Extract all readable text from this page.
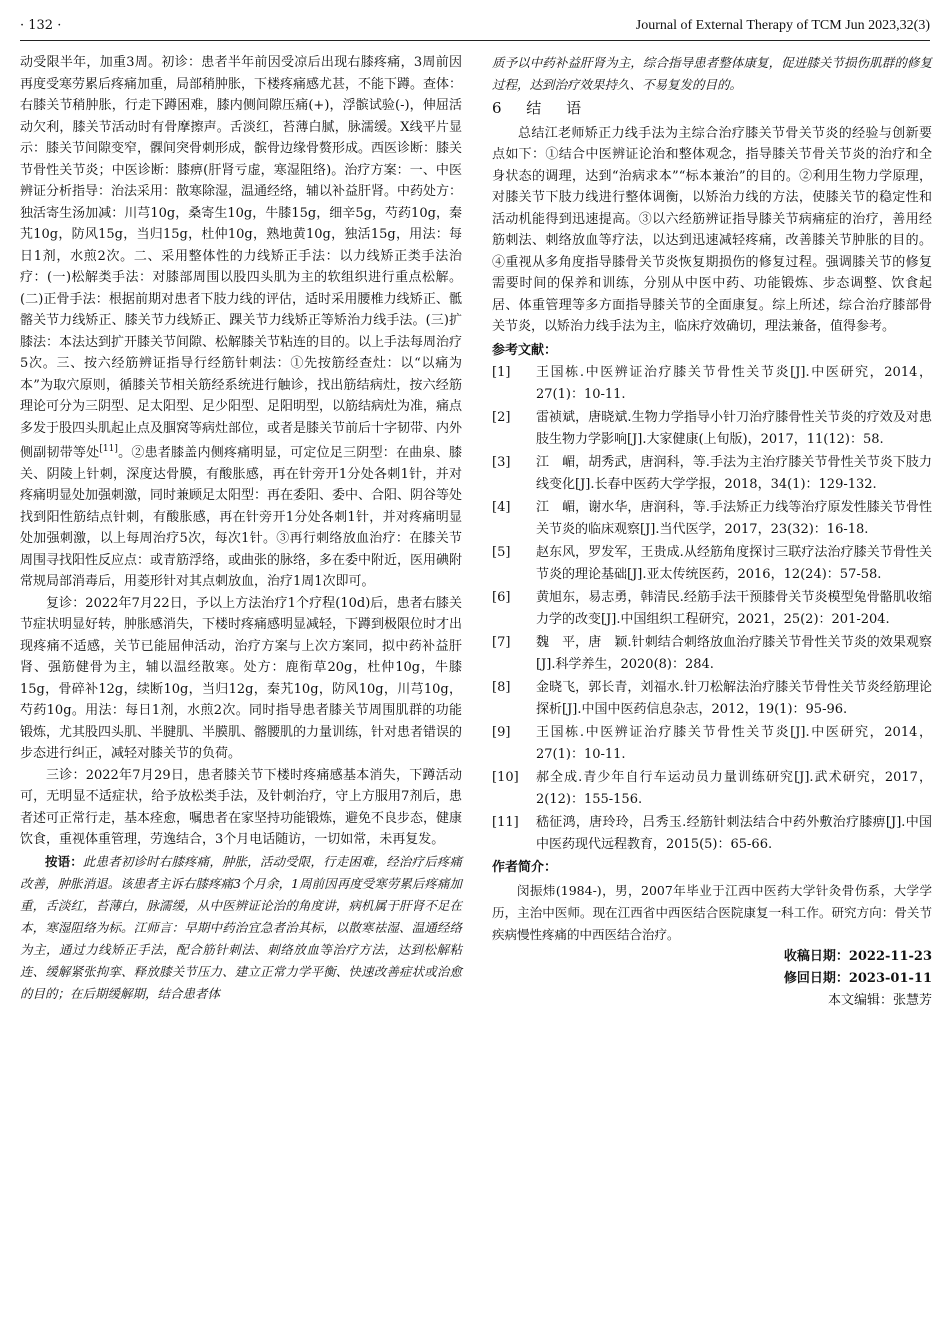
· 132 ·	Journal of External Therapy of TCM Jun 2023,32(3)

动受限半年，加重3周。初诊：患者半年前因受凉后出现右膝疼痛，3周前因再度受寒劳累后疼痛加重，局部稍肿胀，下楼疼痛感尤甚，不能下蹲。查体：右膝关节稍肿胀，行走下蹲困难，膝内侧间隙压痛(+)，浮髌试验(-)，伸屈活动欠利，膝关节活动时有骨摩擦声。舌淡红，苔薄白腻，脉濡缓。X线平片显示：膝关节间隙变窄，髁间突骨刺形成，髌骨边缘骨赘形成。西医诊断：膝关节骨性关节炎；中医诊断：膝痹(肝肾亏虚，寒湿阻络)。治疗方案：一、中医辨证分析指导：治法采用：散寒除湿，温通经络，辅以补益肝肾。中药处方：独活寄生汤加减：川芎10g，桑寄生10g，牛膝15g，细辛5g，芍药10g，秦艽10g，防风15g，当归15g，杜仲10g，熟地黄10g，独活15g，用法：每日1剂，水煎2次。二、采用整体性的力线矫正手法：以力线矫正类手法治疗：(一)松解类手法：对膝部周围以股四头肌为主的软组织进行重点松解。(二)正骨手法：根据前期对患者下肢力线的评估，适时采用腰椎力线矫正、骶髂关节力线矫正、膝关节力线矫正、踝关节力线矫正等矫治力线手法。(三)扩膝法：本法达到扩开膝关节间隙、松解膝关节粘连的目的。以上手法每周治疗5次。三、按六经筋辨证指导行经筋针刺法：①先按筋经查灶：以“以痛为本”为取穴原则，循膝关节相关筋经系统进行触诊，找出筋结病灶，按六经筋理论可分为三阴型、足太阳型、足少阳型、足阳明型，以筋结病灶为准，痛点多发于股四头肌起止点及腘窝等病灶部位，或者是膝关节前后十字韧带、内外侧副韧带等处[11]。②患者膝盖内侧疼痛明显，可定位足三阴型：在曲泉、膝关、阴陵上针刺，深度达骨膜，有酸胀感，再在针旁开1分处各刺1针，并对疼痛明显处加强刺激，同时兼顾足太阳型：再在委阳、委中、合阳、阴谷等处找到阳性筋结点针刺，有酸胀感，再在针旁开1分处各刺1针，并对疼痛明显处加强刺激，以上每周治疗5次，每次1针。③再行刺络放血治疗：在膝关节周围寻找阳性反应点：或青筋浮络，或曲张的脉络，多在委中附近，医用碘附常规局部消毒后，用菱形针对其点刺放血，治疗1周1次即可。

复诊：2022年7月22日，予以上方法治疗1个疗程(10d)后，患者右膝关节症状明显好转，肿胀感消失，下楼时疼痛感明显减轻，下蹲到极限位时才出现疼痛不适感，关节已能屈伸活动，治疗方案与上次方案同，拟中药补益肝肾、强筋健骨为主，辅以温经散寒。处方：鹿衔草20g，杜仲10g，牛膝15g，骨碎补12g，续断10g，当归12g，秦艽10g，防风10g，川芎10g，芍药10g。用法：每日1剂，水煎2次。同时指导患者膝关节周围肌群的功能锻炼，尤其股四头肌、半腱肌、半膜肌、髂腰肌的力量训练，针对患者错误的步态进行纠正，减轻对膝关节的负荷。

三诊：2022年7月29日，患者膝关节下楼时疼痛感基本消失，下蹲活动可，无明显不适症状，给予放松类手法，及针刺治疗，守上方服用7剂后，患者述可正常行走，基本痊愈，嘱患者在家坚持功能锻炼，避免不良步态，健康饮食，重视体重管理，劳逸结合，3个月电话随访，一切如常，未再复发。

按语：此患者初诊时右膝疼痛，肿胀，活动受限，行走困难，经治疗后疼痛改善，肿胀消退。该患者主诉右膝疼痛3个月余，1周前因再度受寒劳累后疼痛加重，舌淡红，苔薄白，脉濡缓，从中医辨证论治的角度讲，病机属于肝肾不足在本，寒湿阻络为标。江师言：早期中药治宜急者治其标，以散寒祛湿、温通经络为主，通过力线矫正手法，配合筋针刺法、刺络放血等治疗方法，达到松解粘连、缓解紧张拘挛、释放膝关节压力、建立正常力学平衡、快速改善症状或治愈的目的；在后期缓解期，结合患者体

质予以中药补益肝肾为主，综合指导患者整体康复，促进膝关节损伤肌群的修复过程，达到治疗效果持久、不易复发的目的。

6 结 语

总结江老师矫正力线手法为主综合治疗膝关节骨关节炎的经验与创新要点如下：①结合中医辨证论治和整体观念，指导膝关节骨关节炎的治疗和全身状态的调理，达到“治病求本”“标本兼治”的目的。②利用生物力学原理，对膝关节下肢力线进行整体调衡，以矫治力线的方法，使膝关节的稳定性和活动机能得到迅速提高。③以六经筋辨证指导膝关节病痛症的治疗，善用经筋刺法、刺络放血等疗法，以达到迅速减轻疼痛，改善膝关节肿胀的目的。④重视从多角度指导膝骨关节炎恢复期损伤的修复过程。强调膝关节的修复需要时间的保养和训练，分别从中医中药、功能锻炼、步态调整、饮食起居、体重管理等多方面指导膝关节的全面康复。综上所述，综合治疗膝部骨关节炎，以矫治力线手法为主，临床疗效确切，理法兼备，值得参考。

参考文献：
[1]	王国栋.中医辨证治疗膝关节骨性关节炎[J].中医研究，2014，27(1)：10-11.
[2]	雷祯斌，唐晓斌.生物力学指导小针刀治疗膝骨性关节炎的疗效及对患肢生物力学影响[J].大家健康(上旬版)，2017，11(12)：58.
[3]	江　嵋，胡秀武，唐润科，等.手法为主治疗膝关节骨性关节炎下肢力线变化[J].长春中医药大学学报，2018，34(1)：129-132.
[4]	江　嵋，谢水华，唐润科，等.手法矫正力线等治疗原发性膝关节骨性关节炎的临床观察[J].当代医学，2017，23(32)：16-18.
[5]	赵东风，罗发军，王贵成.从经筋角度探讨三联疗法治疗膝关节骨性关节炎的理论基础[J].亚太传统医药，2016，12(24)：57-58.
[6]	黄旭东，易志勇，韩清民.经筋手法干预膝骨关节炎模型兔骨骼肌收缩力学的改变[J].中国组织工程研究，2021，25(2)：201-204.
[7]	魏　平，唐　颖.针刺结合刺络放血治疗膝关节骨性关节炎的效果观察[J].科学养生，2020(8)：284.
[8]	金晓飞，郭长青，刘福水.针刀松解法治疗膝关节骨性关节炎经筋理论探析[J].中国中医药信息杂志，2012，19(1)：95-96.
[9]	王国栋.中医辨证治疗膝关节骨性关节炎[J].中医研究，2014，27(1)：10-11.
[10]	郝全成.青少年自行车运动员力量训练研究[J].武术研究，2017，2(12)：155-156.
[11]	嵇征鸿，唐玲玲，吕秀玉.经筋针刺法结合中药外敷治疗膝痹[J].中国中医药现代远程教育，2015(5)：65-66.
作者简介：
闵振炜(1984-)，男，2007年毕业于江西中医药大学针灸骨伤系，大学学历，主治中医师。现在江西省中西医结合医院康复一科工作。研究方向：骨关节疾病慢性疼痛的中西医结合治疗。
收稿日期：2022-11-23
修回日期：2023-01-11
本文编辑：张慧芳
